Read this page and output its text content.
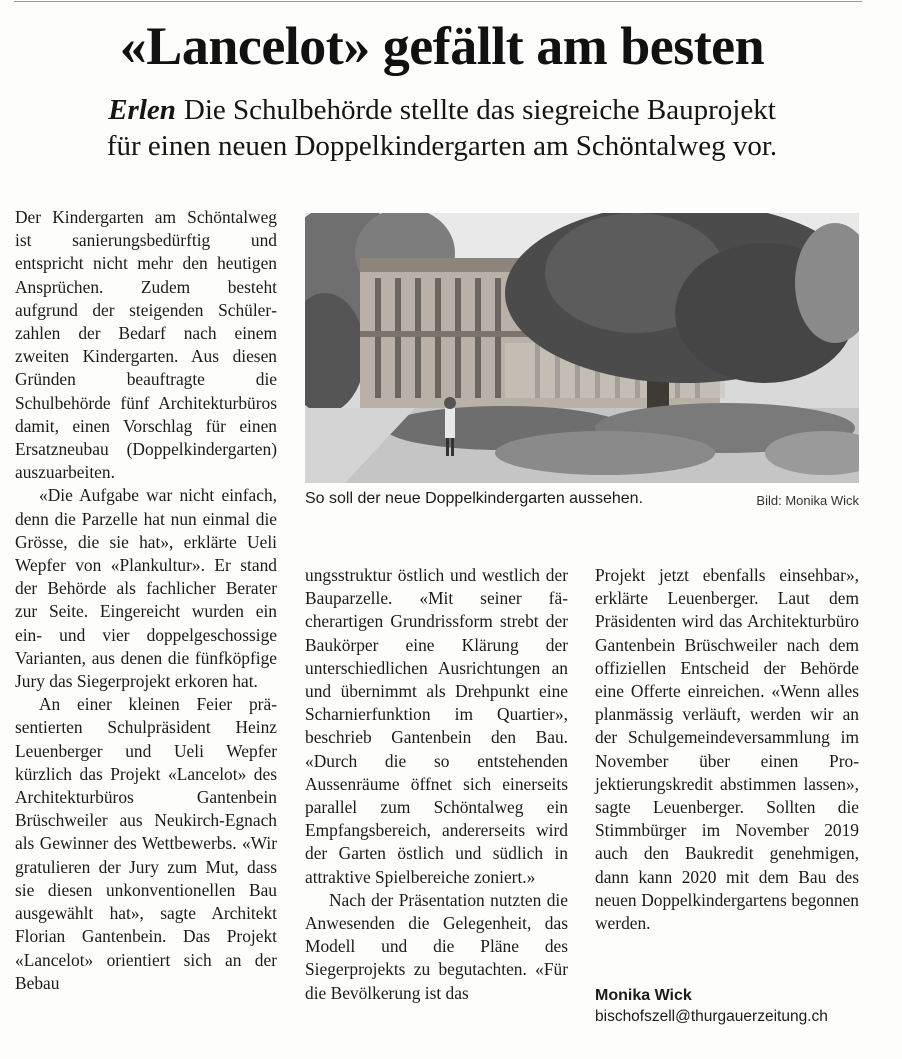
«Lancelot» gefällt am besten
Erlen Die Schulbehörde stellte das siegreiche Bauprojekt
für einen neuen Doppelkindergarten am Schöntalweg vor.

Der Kindergarten am Schöntalweg ist sanierungsbedürftig und entspricht nicht mehr den heutigen Ansprüchen. Zudem besteht aufgrund der steigenden Schülerzahlen der Bedarf nach einem zweiten Kindergarten. Aus diesen Gründen beauftragte die Schulbehörde fünf Architekturbüros damit, einen Vorschlag für einen Ersatzneubau (Doppelkindergarten) auszuarbeiten.

«Die Aufgabe war nicht einfach, denn die Parzelle hat nun einmal die Grösse, die sie hat», erklärte Ueli Wepfer von «Plankultur». Er stand der Behörde als fachlicher Berater zur Seite. Eingereicht wurden ein ein- und vier doppelgeschossige Varianten, aus denen die fünfköpfige Jury das Siegerprojekt erkoren hat.

An einer kleinen Feier präsentierten Schulpräsident Heinz Leuenberger und Ueli Wepfer kürzlich das Projekt «Lancelot» des Architekturbüros Gantenbein Brüschweiler aus Neukirch-Egnach als Gewinner des Wettbewerbs. «Wir gratulieren der Jury zum Mut, dass sie diesen unkonventionellen Bau ausgewählt hat», sagte Architekt Florian Gantenbein. Das Projekt «Lancelot» orientiert sich an der Bebau

So soll der neue Doppelkindergarten aussehen.	Bild: Monika Wick

ungsstruktur östlich und westlich der Bauparzelle. «Mit seiner fächerartigen Grundrissform strebt der Baukörper eine Klärung der unterschiedlichen Ausrichtungen an und übernimmt als Drehpunkt eine Scharnierfunktion im Quartier», beschrieb Gantenbein den Bau. «Durch die so entstehenden Aussenräume öffnet sich einerseits parallel zum Schöntalweg ein Empfangsbereich, andererseits wird der Garten östlich und südlich in attraktive Spielbereiche zoniert.»

Nach der Präsentation nutzten die Anwesenden die Gelegenheit, das Modell und die Pläne des Siegerprojekts zu begutachten. «Für die Bevölkerung ist das

Projekt jetzt ebenfalls einsehbar», erklärte Leuenberger. Laut dem Präsidenten wird das Architekturbüro Gantenbein Brüschweiler nach dem offiziellen Entscheid der Behörde eine Offerte einreichen. «Wenn alles planmässig verläuft, werden wir an der Schulgemeindeversammlung im November über einen Projektierungskredit abstimmen lassen», sagte Leuenberger. Sollten die Stimmbürger im November 2019 auch den Baukredit genehmigen, dann kann 2020 mit dem Bau des neuen Doppelkindergartens begonnen werden.

Monika Wick
bischofszell@thurgauerzeitung.ch
